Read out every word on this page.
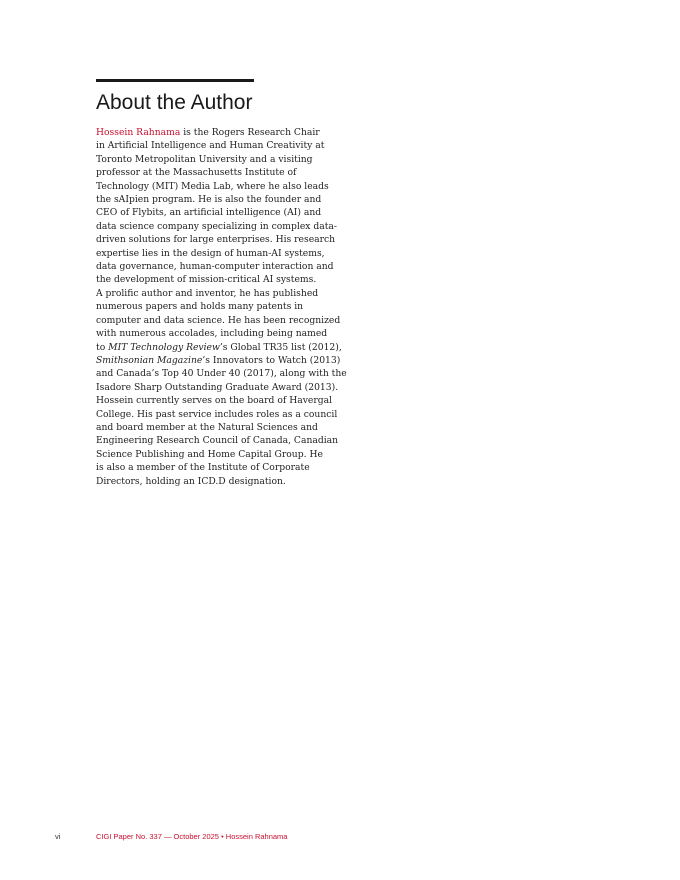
About the Author
Hossein Rahnama is the Rogers Research Chair
in Artificial Intelligence and Human Creativity at
Toronto Metropolitan University and a visiting
professor at the Massachusetts Institute of
Technology (MIT) Media Lab, where he also leads
the sAIpien program. He is also the founder and
CEO of Flybits, an artificial intelligence (AI) and
data science company specializing in complex data-
driven solutions for large enterprises. His research
expertise lies in the design of human-AI systems,
data governance, human-computer interaction and
the development of mission-critical AI systems.
A prolific author and inventor, he has published
numerous papers and holds many patents in
computer and data science. He has been recognized
with numerous accolades, including being named
to MIT Technology Review’s Global TR35 list (2012),
Smithsonian Magazine’s Innovators to Watch (2013)
and Canada’s Top 40 Under 40 (2017), along with the
Isadore Sharp Outstanding Graduate Award (2013).
Hossein currently serves on the board of Havergal
College. His past service includes roles as a council
and board member at the Natural Sciences and
Engineering Research Council of Canada, Canadian
Science Publishing and Home Capital Group. He
is also a member of the Institute of Corporate
Directors, holding an ICD.D designation.
vi	CIGI Paper No. 337 — October 2025 • Hossein Rahnama
